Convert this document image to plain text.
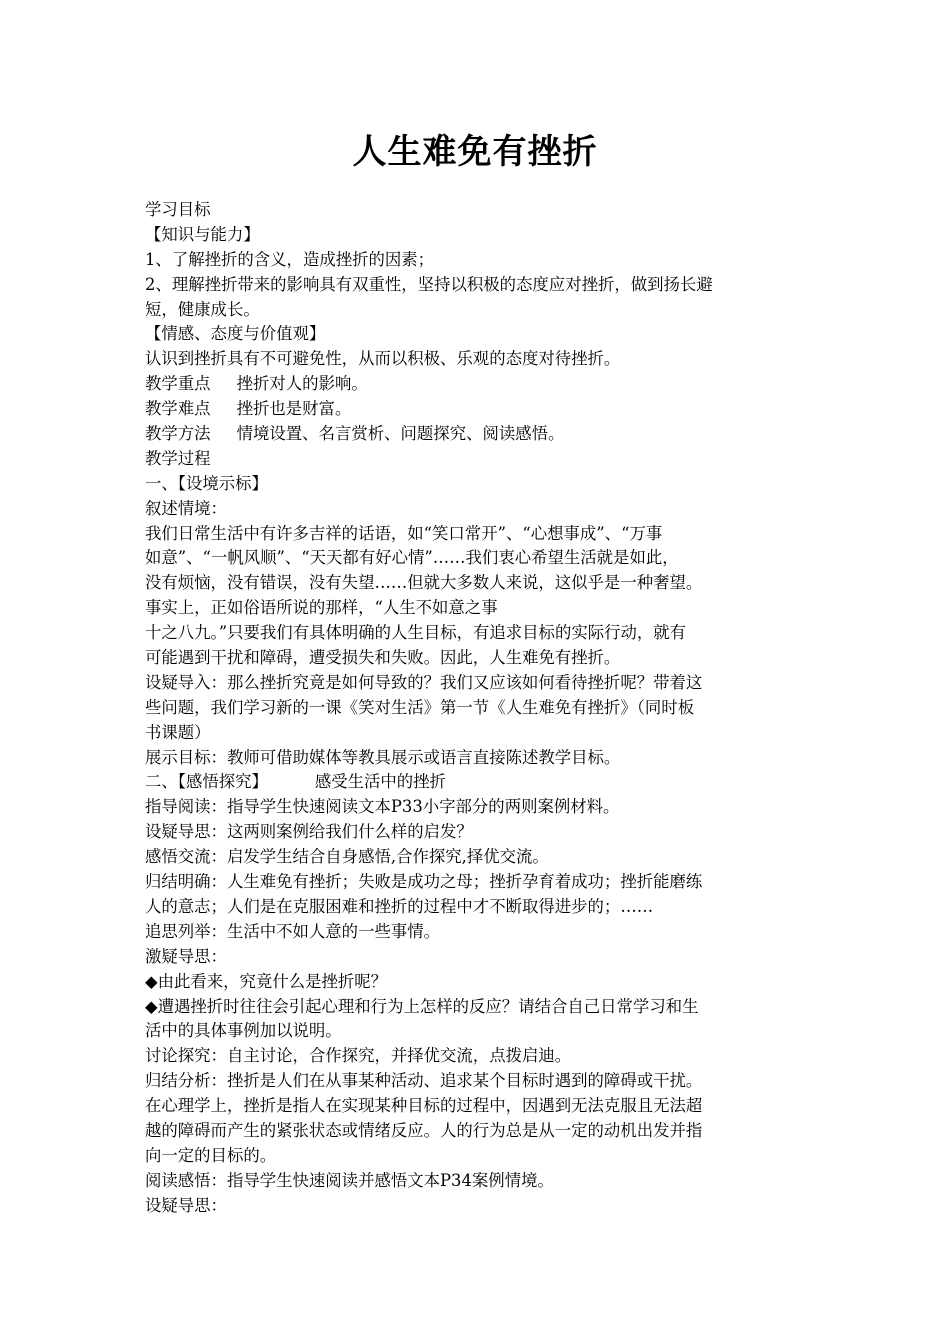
人生难免有挫折
学习目标
【知识与能力】
1、了解挫折的含义，造成挫折的因素；
2、理解挫折带来的影响具有双重性，坚持以积极的态度应对挫折，做到扬长避
短，健康成长。
【情感、态度与价值观】
认识到挫折具有不可避免性，从而以积极、乐观的态度对待挫折。
教学重点     挫折对人的影响。
教学难点     挫折也是财富。
教学方法     情境设置、名言赏析、问题探究、阅读感悟。
教学过程
一、【设境示标】
叙述情境：
我们日常生活中有许多吉祥的话语，如“笑口常开”、“心想事成”、“万事
如意”、“一帆风顺”、“天天都有好心情”……我们衷心希望生活就是如此，
没有烦恼，没有错误，没有失望……但就大多数人来说，这似乎是一种奢望。
事实上，正如俗语所说的那样，“人生不如意之事
十之八九。”只要我们有具体明确的人生目标，有追求目标的实际行动，就有
可能遇到干扰和障碍，遭受损失和失败。因此，人生难免有挫折。
设疑导入：那么挫折究竟是如何导致的？我们又应该如何看待挫折呢？带着这
些问题，我们学习新的一课《笑对生活》第一节《人生难免有挫折》（同时板
书课题）
展示目标：教师可借助媒体等教具展示或语言直接陈述教学目标。
二、【感悟探究】         感受生活中的挫折
指导阅读：指导学生快速阅读文本P33小字部分的两则案例材料。
设疑导思：这两则案例给我们什么样的启发？
感悟交流：启发学生结合自身感悟,合作探究,择优交流。
归结明确：人生难免有挫折；失败是成功之母；挫折孕育着成功；挫折能磨练
人的意志；人们是在克服困难和挫折的过程中才不断取得进步的；……
追思列举：生活中不如人意的一些事情。
激疑导思：
◆由此看来，究竟什么是挫折呢？
◆遭遇挫折时往往会引起心理和行为上怎样的反应？请结合自己日常学习和生
活中的具体事例加以说明。
讨论探究：自主讨论，合作探究，并择优交流，点拨启迪。
归结分析：挫折是人们在从事某种活动、追求某个目标时遇到的障碍或干扰。
在心理学上，挫折是指人在实现某种目标的过程中，因遇到无法克服且无法超
越的障碍而产生的紧张状态或情绪反应。人的行为总是从一定的动机出发并指
向一定的目标的。
阅读感悟：指导学生快速阅读并感悟文本P34案例情境。
设疑导思：
